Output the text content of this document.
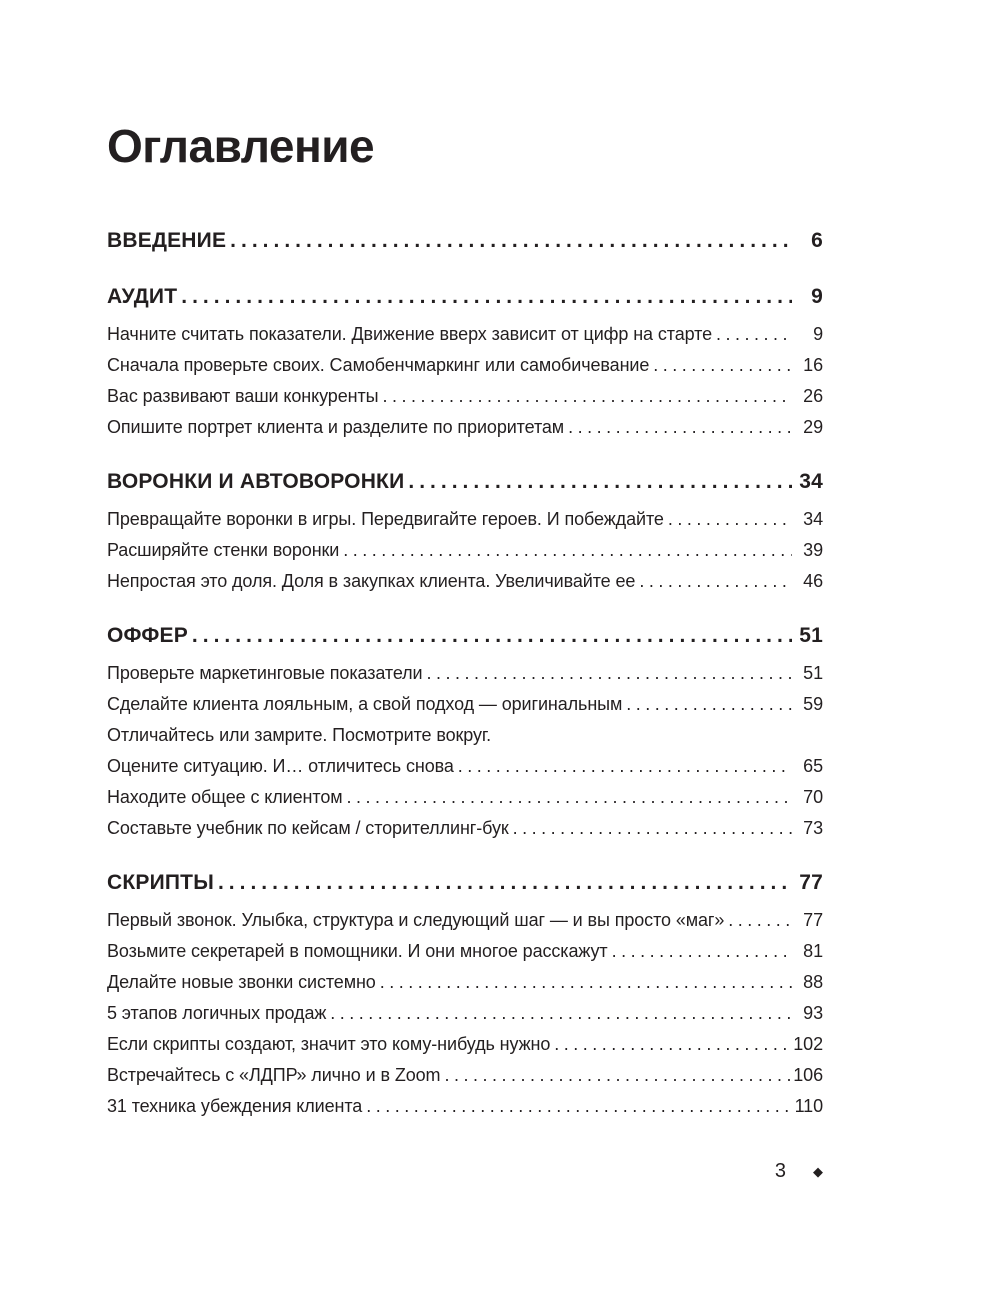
Оглавление
ВВЕДЕНИЕ .....	6
АУДИТ .....	9
Начните считать показатели. Движение вверх зависит от цифр на старте .....	9
Сначала проверьте своих. Самобенчмаркинг или самобичевание .....	16
Вас развивают ваши конкуренты .....	26
Опишите портрет клиента и разделите по приоритетам .....	29
ВОРОНКИ И АВТОВОРОНКИ .....	34
Превращайте воронки в игры. Передвигайте героев. И побеждайте .....	34
Расширяйте стенки воронки .....	39
Непростая это доля. Доля в закупках клиента. Увеличивайте ее .....	46
ОФФЕР .....	51
Проверьте маркетинговые показатели .....	51
Сделайте клиента лояльным, а свой подход — оригинальным .....	59
Отличайтесь или замрите. Посмотрите вокруг.
Оцените ситуацию. И… отличитесь снова .....	65
Находите общее с клиентом .....	70
Составьте учебник по кейсам / сторителлинг-бук .....	73
СКРИПТЫ .....	77
Первый звонок. Улыбка, структура и следующий шаг — и вы просто «маг» .....	77
Возьмите секретарей в помощники. И они многое расскажут .....	81
Делайте новые звонки системно .....	88
5 этапов логичных продаж .....	93
Если скрипты создают, значит это кому-нибудь нужно .....	102
Встречайтесь с «ЛДПР» лично и в Zoom .....	106
31 техника убеждения клиента .....	110
3 ◆
